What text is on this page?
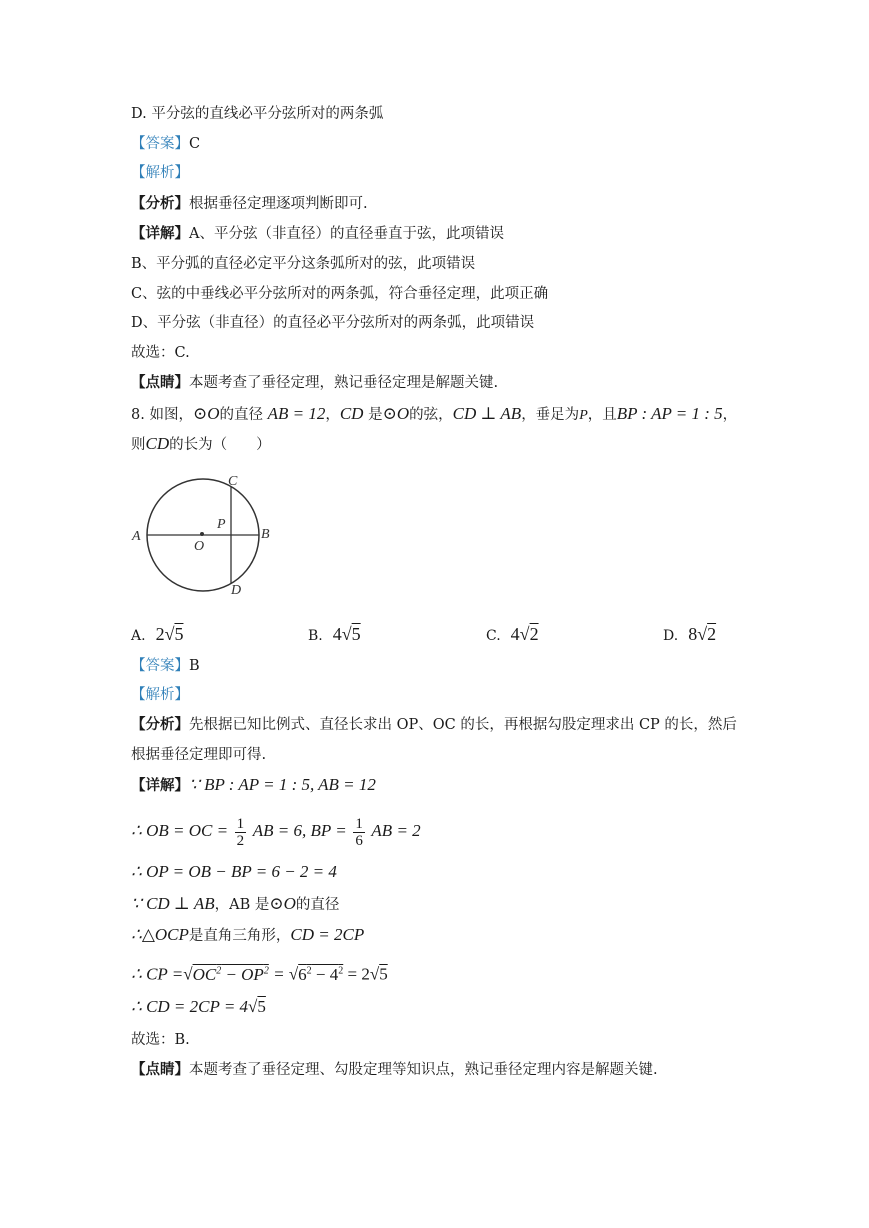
D. 平分弦的直线必平分弦所对的两条弧
【答案】C
【解析】
【分析】根据垂径定理逐项判断即可.
【详解】A、平分弦（非直径）的直径垂直于弦，此项错误
B、平分弧的直径必定平分这条弧所对的弦，此项错误
C、弦的中垂线必平分弦所对的两条弧，符合垂径定理，此项正确
D、平分弦（非直径）的直径必平分弦所对的两条弧，此项错误
故选：C.
【点睛】本题考查了垂径定理，熟记垂径定理是解题关键.
8. 如图，⊙O的直径 AB = 12，CD 是⊙O的弦，CD ⊥ AB，垂足为P，且BP : AP = 1 : 5，
则CD的长为（　　）
C
P
A
O
B
D
A. 2√5	B. 4√5	C. 4√2	D. 8√2
【答案】B
【解析】
【分析】先根据已知比例式、直径长求出 OP、OC 的长，再根据勾股定理求出 CP 的长，然后
根据垂径定理即可得.
【详解】∵ BP : AP = 1 : 5, AB = 12
∴ OB = OC = $\frac{1}{2}$ AB = 6, BP = $\frac{1}{6}$ AB = 2
∴ OP = OB − BP = 6 − 2 = 4
∵ CD ⊥ AB，AB 是⊙O的直径
∴△OCP是直角三角形，CD = 2CP
∴ CP $=√OC^2 - OP^2 = √6^2 - 4^2 = 2√5$
∴ CD = 2CP = 4√5
故选：B.
【点睛】本题考查了垂径定理、勾股定理等知识点，熟记垂径定理内容是解题关键.
